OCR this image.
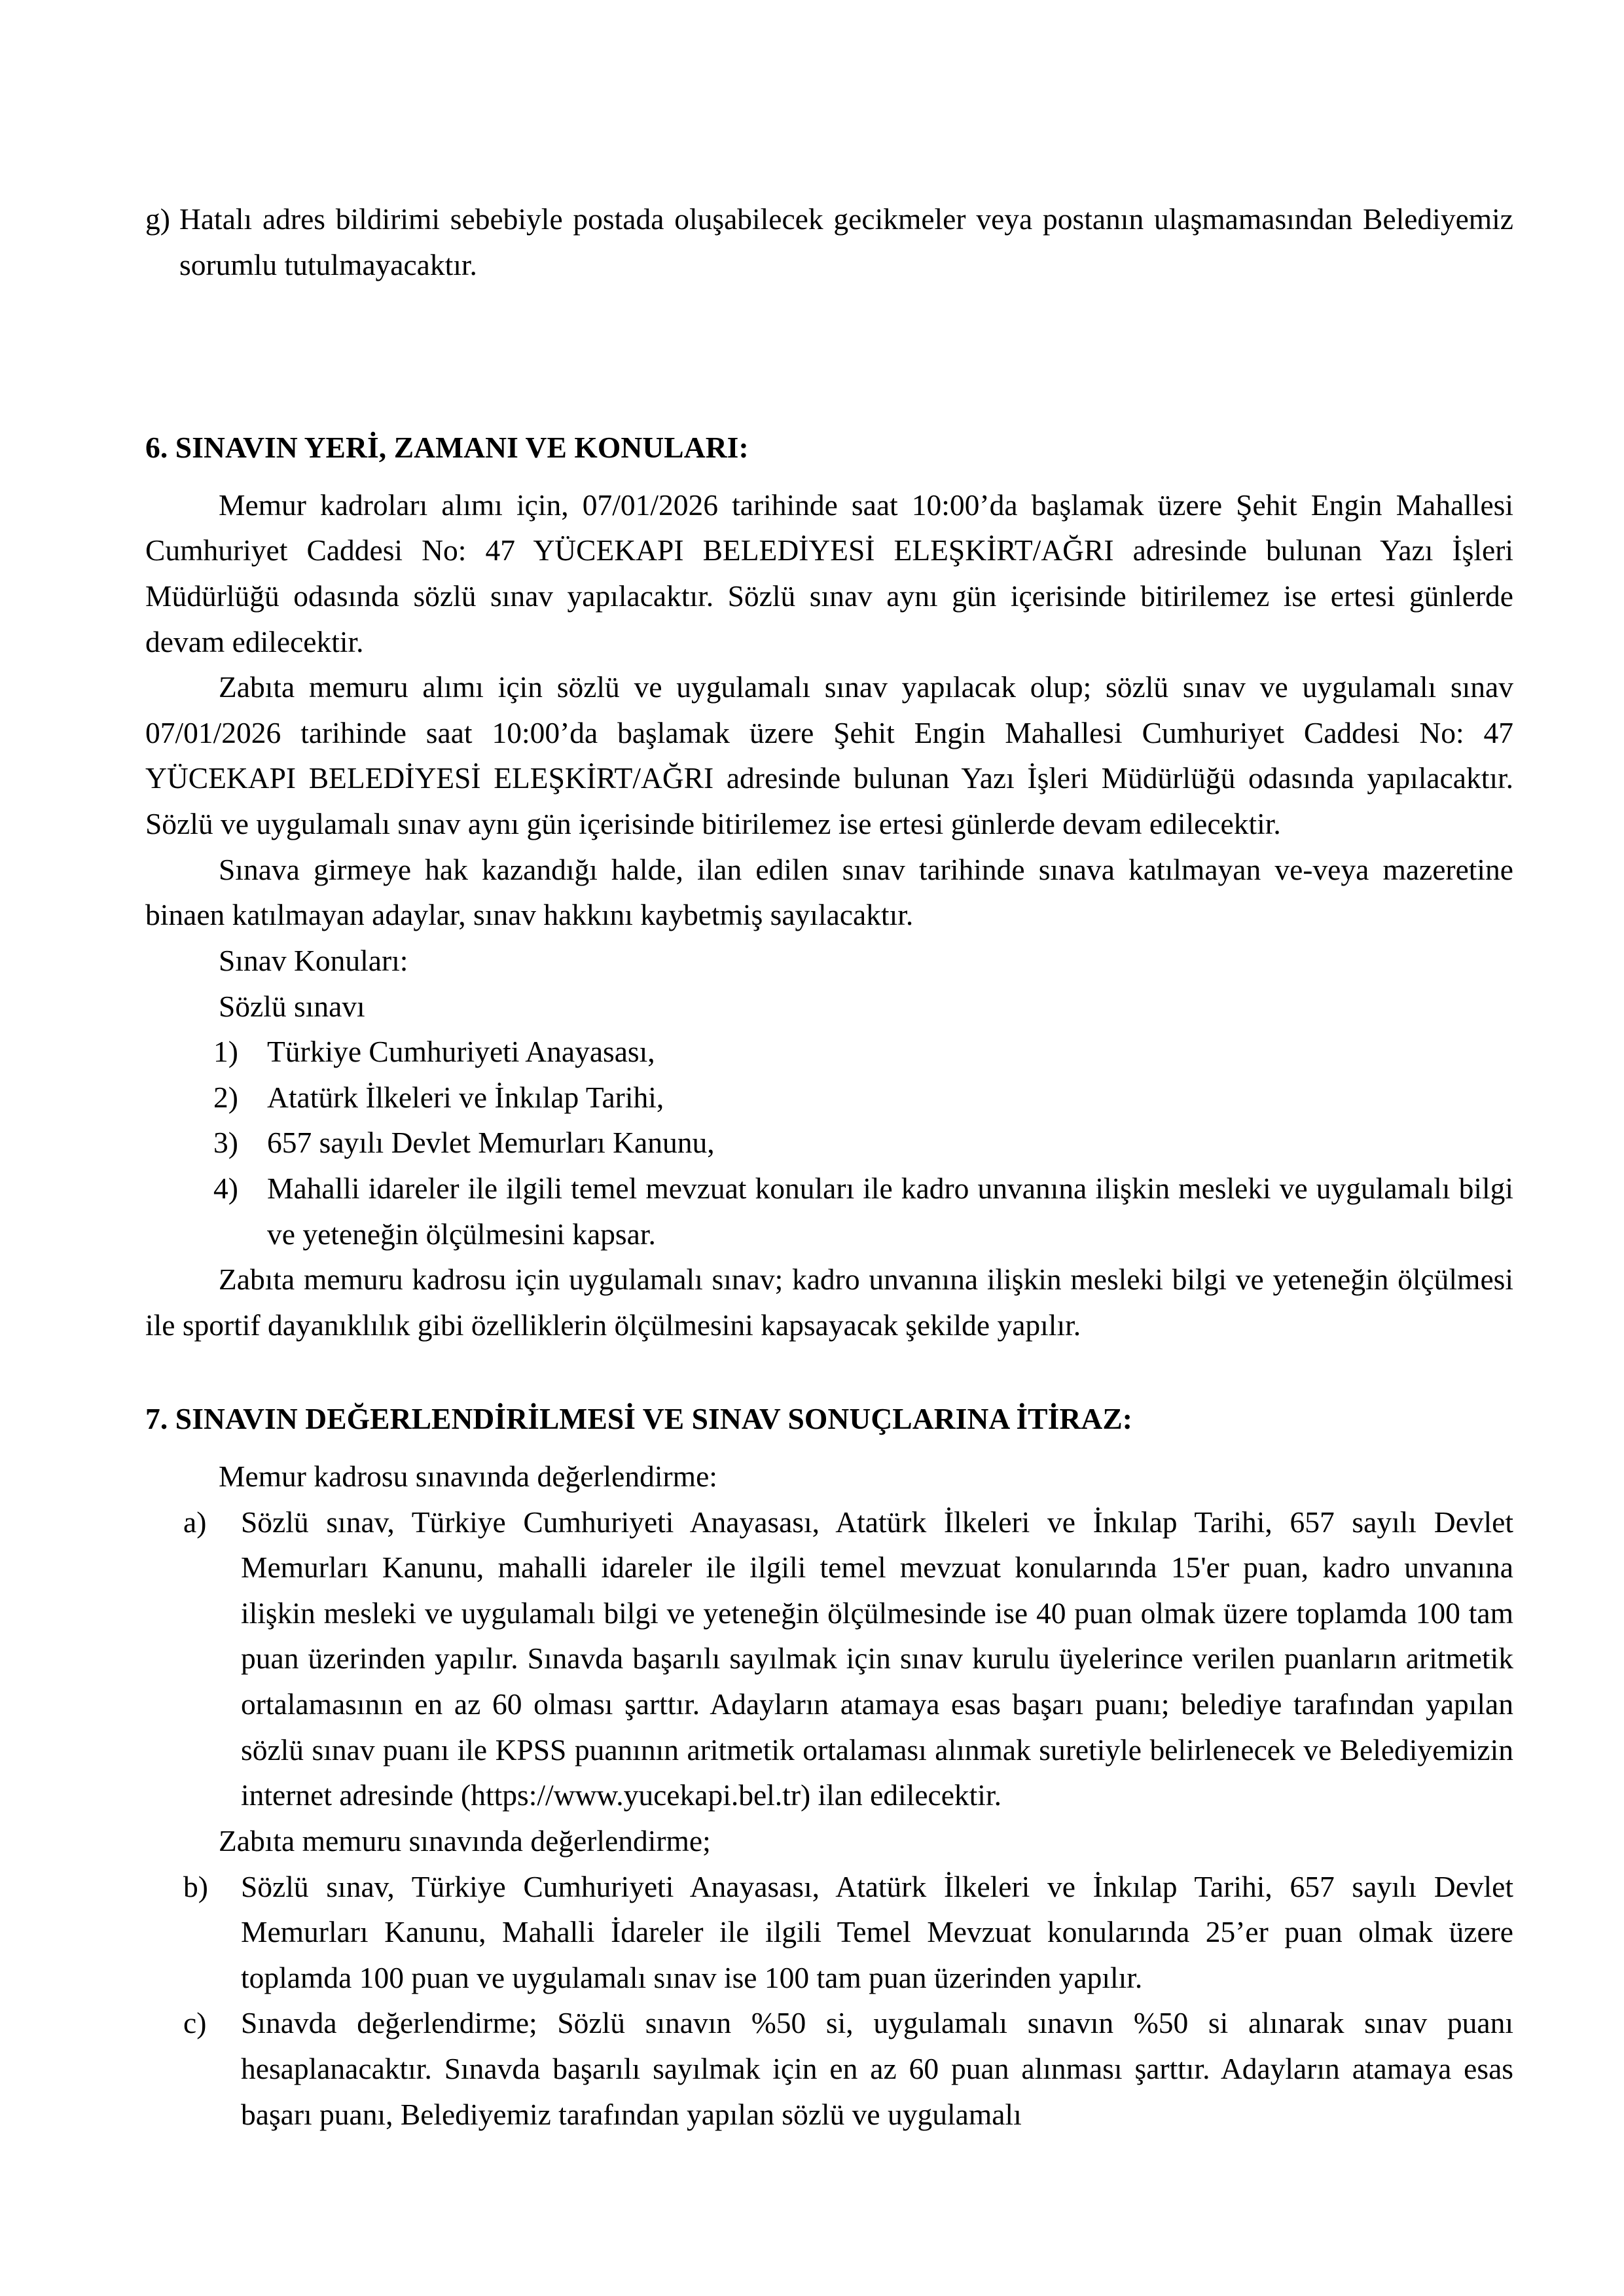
g) Hatalı adres bildirimi sebebiyle postada oluşabilecek gecikmeler veya postanın ulaşmamasından Belediyemiz sorumlu tutulmayacaktır.

6. SINAVIN YERİ, ZAMANI VE KONULARI:

Memur kadroları alımı için, 07/01/2026 tarihinde saat 10:00’da başlamak üzere Şehit Engin Mahallesi Cumhuriyet Caddesi No: 47 YÜCEKAPI BELEDİYESİ ELEŞKİRT/AĞRI adresinde bulunan Yazı İşleri Müdürlüğü odasında sözlü sınav yapılacaktır. Sözlü sınav aynı gün içerisinde bitirilemez ise ertesi günlerde devam edilecektir.

Zabıta memuru alımı için sözlü ve uygulamalı sınav yapılacak olup; sözlü sınav ve uygulamalı sınav 07/01/2026 tarihinde saat 10:00’da başlamak üzere Şehit Engin Mahallesi Cumhuriyet Caddesi No: 47 YÜCEKAPI BELEDİYESİ ELEŞKİRT/AĞRI adresinde bulunan Yazı İşleri Müdürlüğü odasında yapılacaktır. Sözlü ve uygulamalı sınav aynı gün içerisinde bitirilemez ise ertesi günlerde devam edilecektir.

Sınava girmeye hak kazandığı halde, ilan edilen sınav tarihinde sınava katılmayan ve-veya mazeretine binaen katılmayan adaylar, sınav hakkını kaybetmiş sayılacaktır.

Sınav Konuları:

Sözlü sınavı

1) Türkiye Cumhuriyeti Anayasası,
2) Atatürk İlkeleri ve İnkılap Tarihi,
3) 657 sayılı Devlet Memurları Kanunu,
4) Mahalli idareler ile ilgili temel mevzuat konuları ile kadro unvanına ilişkin mesleki ve uygulamalı bilgi ve yeteneğin ölçülmesini kapsar.

Zabıta memuru kadrosu için uygulamalı sınav; kadro unvanına ilişkin mesleki bilgi ve yeteneğin ölçülmesi ile sportif dayanıklılık gibi özelliklerin ölçülmesini kapsayacak şekilde yapılır.

7. SINAVIN DEĞERLENDİRİLMESİ VE SINAV SONUÇLARINA İTİRAZ:

Memur kadrosu sınavında değerlendirme:

a)	Sözlü sınav, Türkiye Cumhuriyeti Anayasası, Atatürk İlkeleri ve İnkılap Tarihi, 657 sayılı Devlet Memurları Kanunu, mahalli idareler ile ilgili temel mevzuat konularında 15'er puan, kadro unvanına ilişkin mesleki ve uygulamalı bilgi ve yeteneğin ölçülmesinde ise 40 puan olmak üzere toplamda 100 tam puan üzerinden yapılır. Sınavda başarılı sayılmak için sınav kurulu üyelerince verilen puanların aritmetik ortalamasının en az 60 olması şarttır. Adayların atamaya esas başarı puanı; belediye tarafından yapılan sözlü sınav puanı ile KPSS puanının aritmetik ortalaması alınmak suretiyle belirlenecek ve Belediyemizin internet adresinde (https://www.yucekapi.bel.tr) ilan edilecektir.

Zabıta memuru sınavında değerlendirme;

b)	Sözlü sınav, Türkiye Cumhuriyeti Anayasası, Atatürk İlkeleri ve İnkılap Tarihi, 657 sayılı Devlet Memurları Kanunu, Mahalli İdareler ile ilgili Temel Mevzuat konularında 25’er puan olmak üzere toplamda 100 puan ve uygulamalı sınav ise 100 tam puan üzerinden yapılır.
c)	Sınavda değerlendirme; Sözlü sınavın %50 si, uygulamalı sınavın %50 si alınarak sınav puanı hesaplanacaktır. Sınavda başarılı sayılmak için en az 60 puan alınması şarttır. Adayların atamaya esas başarı puanı, Belediyemiz tarafından yapılan sözlü ve uygulamalı
